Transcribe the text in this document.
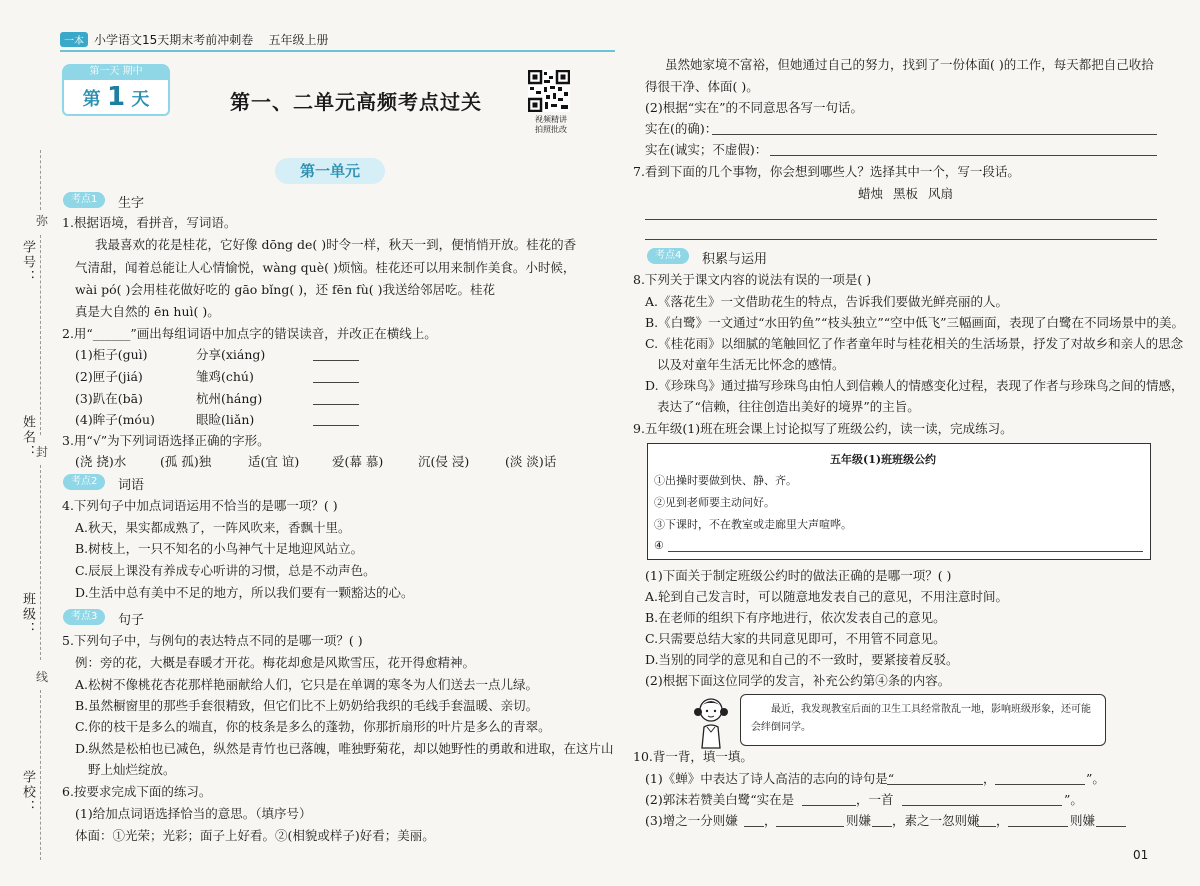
弥
学号：
姓名： 封
班级：
线
学校：
一本 小学语文15天期末考前冲刺卷 五年级上册
第一天 期中
第 1 天	第一、二单元高频考点过关
视频精讲
拍照批改
第一单元
考点1	生字
考点2	词语
考点3	句子
1.根据语境，看拼音，写词语。
我最喜欢的花是桂花，它好像 dōng de( )时令一样，秋天一到，便悄悄开放。桂花的香
气清甜，闻着总能让人心情愉悦，wàng què( )烦恼。桂花还可以用来制作美食。小时候，
wài pó( )会用桂花做好吃的 gāo bǐng( )，还 fēn fù( )我送给邻居吃。桂花
真是大自然的 ēn huì( )。
2.用“______”画出每组词语中加点字的错误读音，并改正在横线上。
(1)柜子(guì)	分享(xiáng)
(2)匣子(jiá)	雏鸡(chú)
(3)趴在(bā)	杭州(háng)
(4)眸子(móu)	眼睑(liǎn)
3.用“√”为下列词语选择正确的字形。
(浇 挠)水	(孤 孤)独	适(宜 谊)	爱(幕 慕)	沉(侵 浸)	(淡 淡)话
4.下列句子中加点词语运用不恰当的是哪一项？( )
A.秋天，果实都成熟了，一阵风吹来，香飘十里。
B.树枝上，一只不知名的小鸟神气十足地迎风站立。
C.辰辰上课没有养成专心听讲的习惯，总是不动声色。
D.生活中总有美中不足的地方，所以我们要有一颗豁达的心。
5.下列句子中，与例句的表达特点不同的是哪一项？( )
例：旁的花，大概是春暖才开花。梅花却愈是风欺雪压，花开得愈精神。
A.松树不像桃花杏花那样艳丽献给人们，它只是在单调的寒冬为人们送去一点儿绿。
B.虽然橱窗里的那些手套很精致，但它们比不上奶奶给我织的毛线手套温暖、亲切。
C.你的枝干是多么的端直，你的枝条是多么的蓬勃，你那折扇形的叶片是多么的青翠。
D.纵然是松柏也已减色，纵然是青竹也已落魄，唯独野菊花，却以她野性的勇敢和进取，在这片山
野上灿烂绽放。
6.按要求完成下面的练习。
(1)给加点词语选择恰当的意思。（填序号）
体面：①光荣；光彩；面子上好看。②(相貌或样子)好看；美丽。
虽然她家境不富裕，但她通过自己的努力，找到了一份体面( )的工作，每天都把自己收拾
得很干净、体面( )。
(2)根据“实在”的不同意思各写一句话。
实在(的确)：
实在(诚实；不虚假)：
7.看到下面的几个事物，你会想到哪些人？选择其中一个，写一段话。
蜡烛 黑板 风扇
考点4	积累与运用
8.下列关于课文内容的说法有误的一项是( )
A.《落花生》一文借助花生的特点，告诉我们要做光鲜亮丽的人。
B.《白鹭》一文通过“水田钓鱼”“枝头独立”“空中低飞”三幅画面，表现了白鹭在不同场景中的美。
C.《桂花雨》以细腻的笔触回忆了作者童年时与桂花相关的生活场景，抒发了对故乡和亲人的思念
以及对童年生活无比怀念的感情。
D.《珍珠鸟》通过描写珍珠鸟由怕人到信赖人的情感变化过程，表现了作者与珍珠鸟之间的情感，
表达了“信赖，往往创造出美好的境界”的主旨。
9.五年级(1)班在班会课上讨论拟写了班级公约，读一读，完成练习。
五年级(1)班班级公约
①出操时要做到快、静、齐。
②见到老师要主动问好。
③下课时，不在教室或走廊里大声喧哗。
④
(1)下面关于制定班级公约时的做法正确的是哪一项？( )
A.轮到自己发言时，可以随意地发表自己的意见，不用注意时间。
B.在老师的组织下有序地进行，依次发表自己的意见。
C.只需要总结大家的共同意见即可，不用管不同意见。
D.当别的同学的意见和自己的不一致时，要紧接着反驳。
(2)根据下面这位同学的发言，补充公约第④条的内容。
最近，我发现教室后面的卫生工具经常散乱一地，影响班级形象，还可能会绊倒同学。
10.背一背，填一填。
(1)《蝉》中表达了诗人高洁的志向的诗句是“	，	”。
(2)郭沫若赞美白鹭“实在是	，一首	”。
(3)增之一分则嫌 ，	则嫌 ，素之一忽则嫌 ，	则嫌
01
